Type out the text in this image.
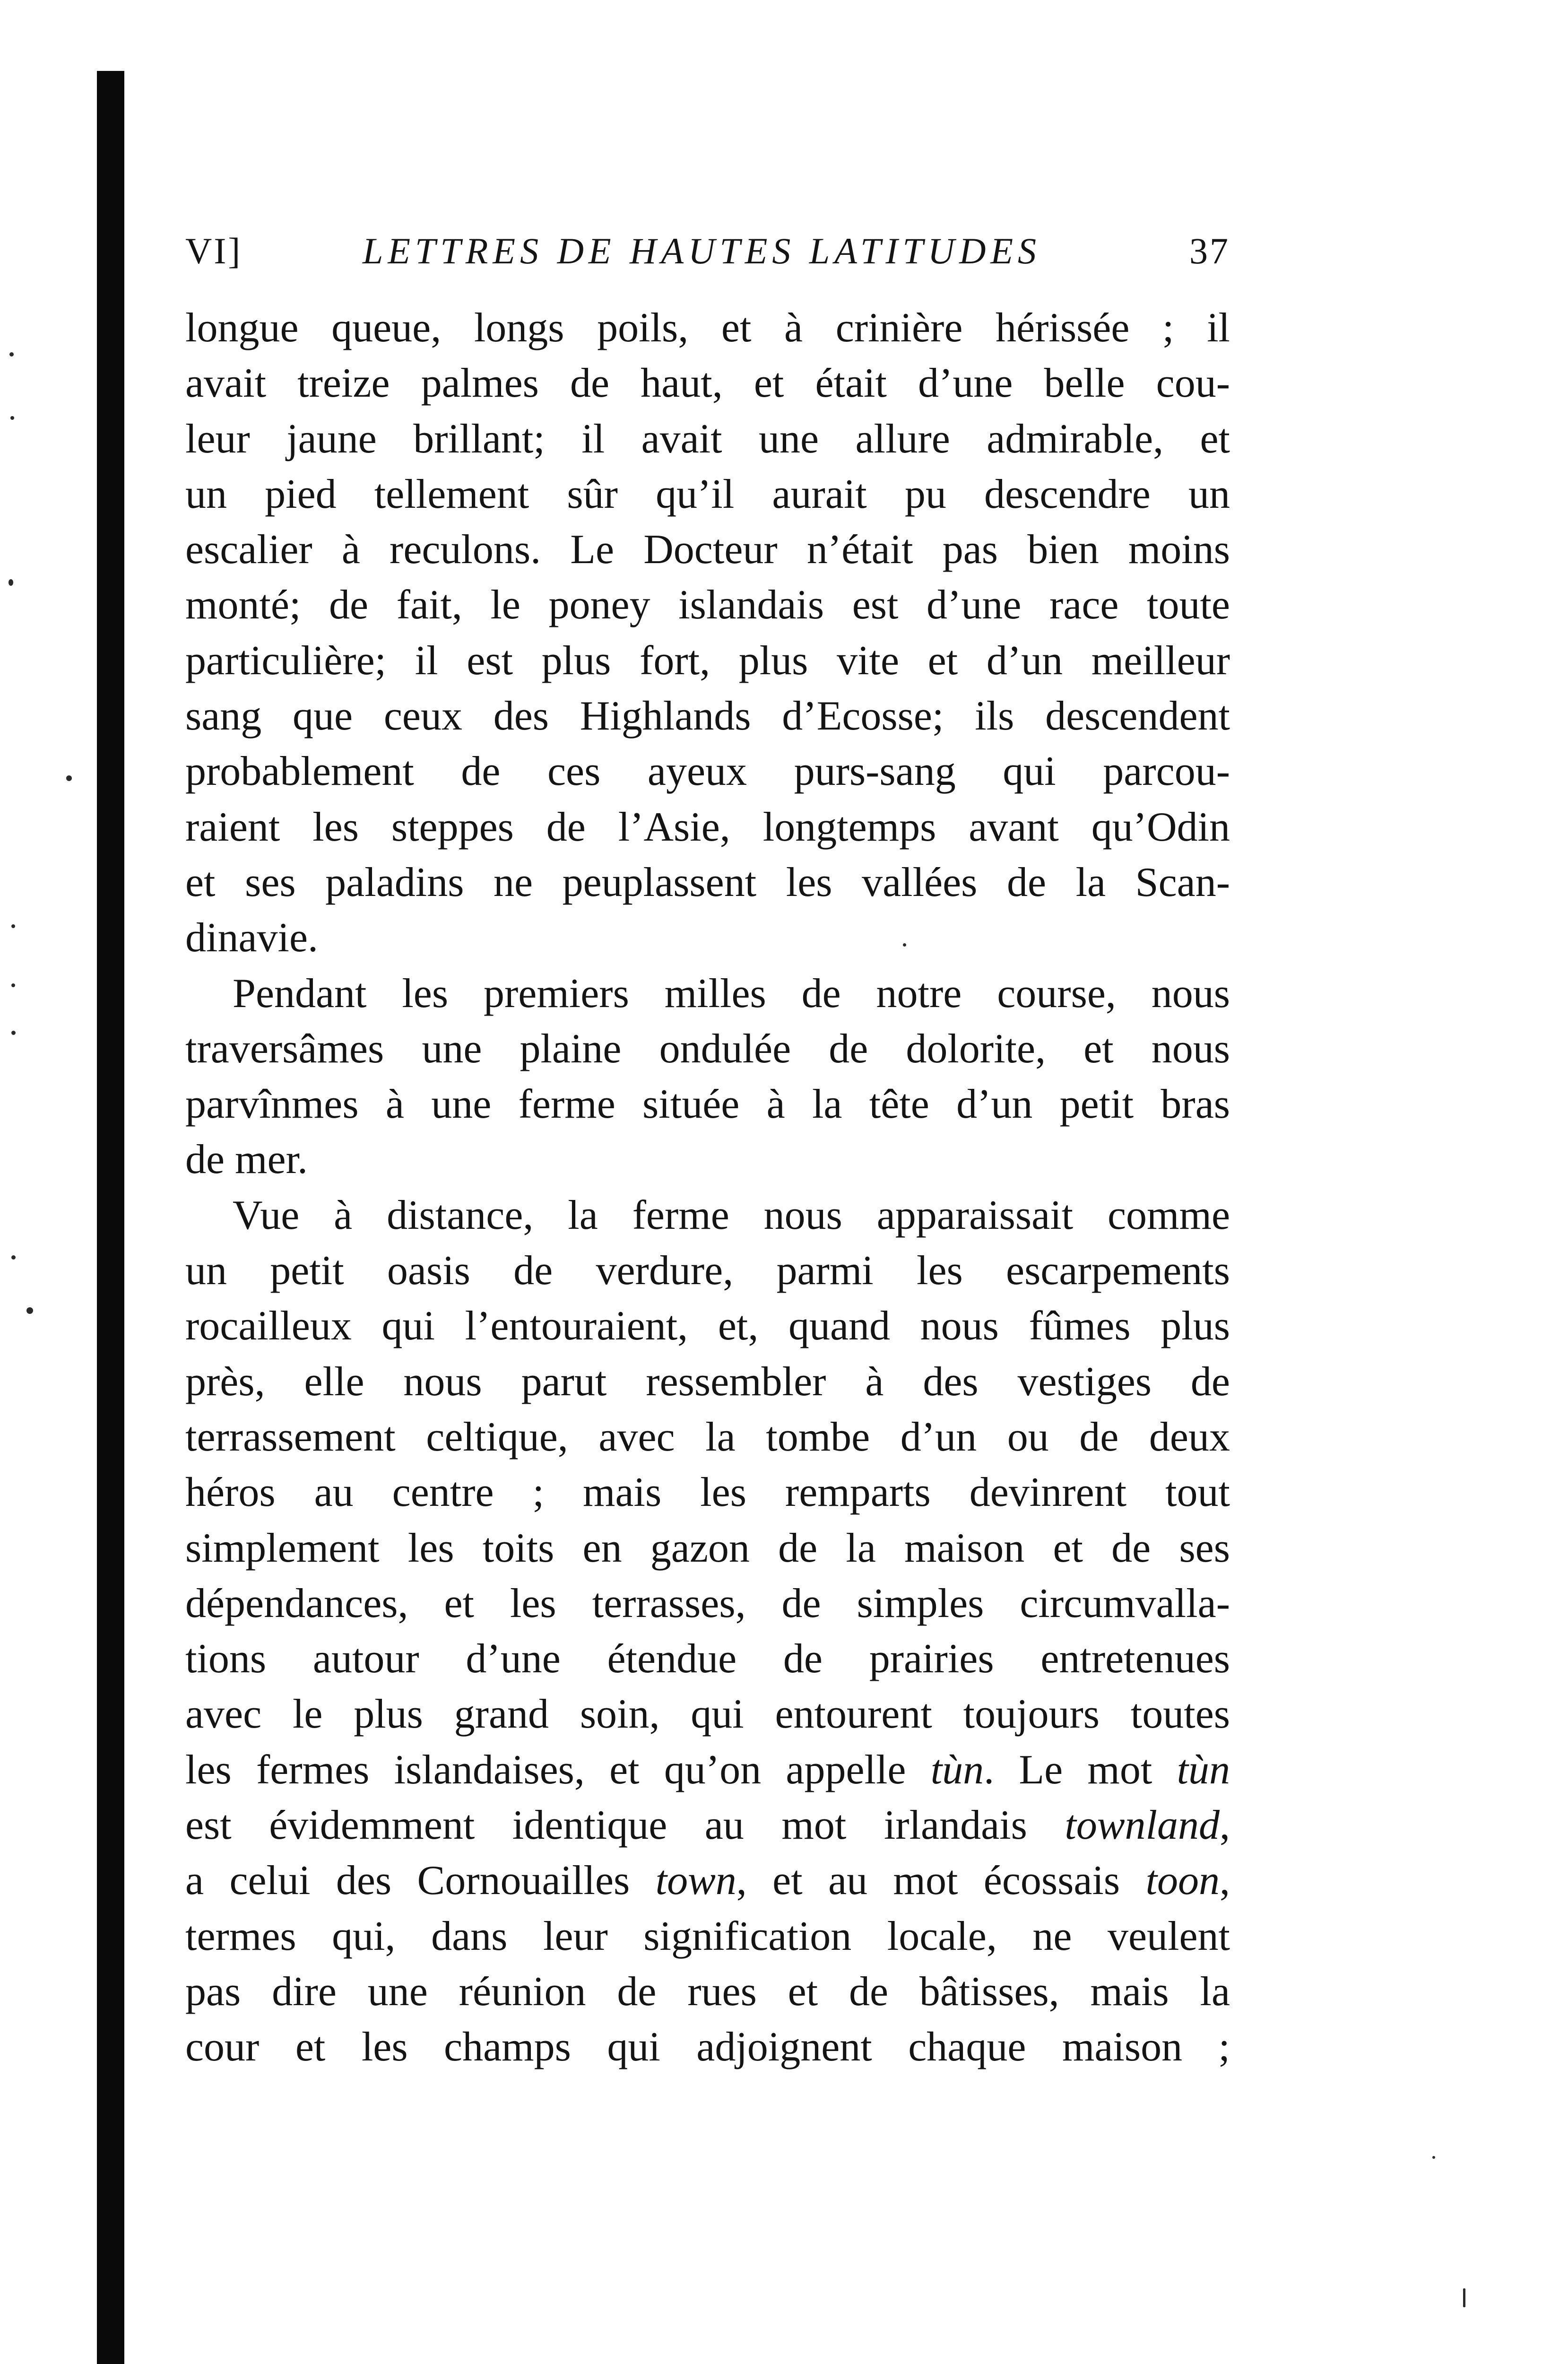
VI]	LETTRES DE HAUTES LATITUDES	37
longue queue, longs poils, et à crinière hérissée ; il
avait treize palmes de haut, et était d’une belle cou-
leur jaune brillant; il avait une allure admirable, et
un pied tellement sûr qu’il aurait pu descendre un
escalier à reculons. Le Docteur n’était pas bien moins
monté; de fait, le poney islandais est d’une race toute
particulière; il est plus fort, plus vite et d’un meilleur
sang que ceux des Highlands d’Ecosse; ils descendent
probablement de ces ayeux purs-sang qui parcou-
raient les steppes de l’Asie, longtemps avant qu’Odin
et ses paladins ne peuplassent les vallées de la Scan-
dinavie.
Pendant les premiers milles de notre course, nous
traversâmes une plaine ondulée de dolorite, et nous
parvînmes à une ferme située à la tête d’un petit bras
de mer.
Vue à distance, la ferme nous apparaissait comme
un petit oasis de verdure, parmi les escarpements
rocailleux qui l’entouraient, et, quand nous fûmes plus
près, elle nous parut ressembler à des vestiges de
terrassement celtique, avec la tombe d’un ou de deux
héros au centre ; mais les remparts devinrent tout
simplement les toits en gazon de la maison et de ses
dépendances, et les terrasses, de simples circumvalla-
tions autour d’une étendue de prairies entretenues
avec le plus grand soin, qui entourent toujours toutes
les fermes islandaises, et qu’on appelle tùn. Le mot tùn
est évidemment identique au mot irlandais townland,
a celui des Cornouailles town, et au mot écossais toon,
termes qui, dans leur signification locale, ne veulent
pas dire une réunion de rues et de bâtisses, mais la
cour et les champs qui adjoignent chaque maison ;
